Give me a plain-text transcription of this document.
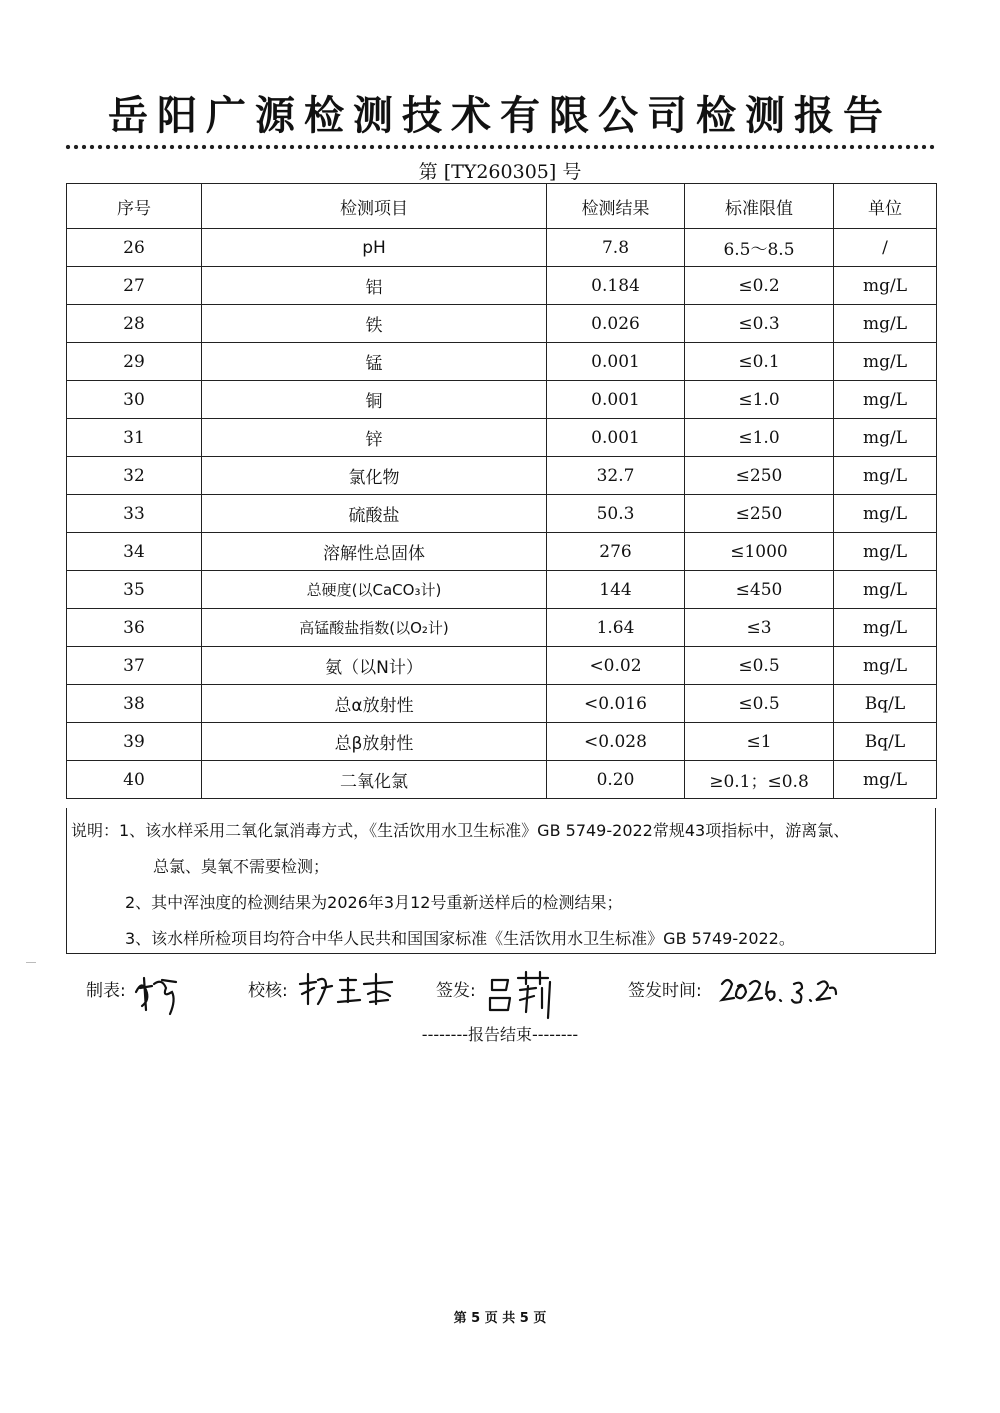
岳阳广源检测技术有限公司检测报告
第 [TY260305] 号
序号	检测项目	检测结果	标准限值	单位
26	pH	7.8	6.5～8.5	/
27	铝	0.184	≤0.2	mg/L
28	铁	0.026	≤0.3	mg/L
29	锰	0.001	≤0.1	mg/L
30	铜	0.001	≤1.0	mg/L
31	锌	0.001	≤1.0	mg/L
32	氯化物	32.7	≤250	mg/L
33	硫酸盐	50.3	≤250	mg/L
34	溶解性总固体	276	≤1000	mg/L
35	总硬度(以CaCO₃计)	144	≤450	mg/L
36	高锰酸盐指数(以O₂计)	1.64	≤3	mg/L
37	氨（以N计）	<0.02	≤0.5	mg/L
38	总α放射性	<0.016	≤0.5	Bq/L
39	总β放射性	<0.028	≤1	Bq/L
40	二氧化氯	0.20	≥0.1；≤0.8	mg/L
说明：1、该水样采用二氧化氯消毒方式，《生活饮用水卫生标准》GB 5749-2022常规43项指标中，游离氯、
总氯、臭氧不需要检测；
2、其中浑浊度的检测结果为2026年3月12号重新送样后的检测结果；
3、该水样所检项目均符合中华人民共和国国家标准《生活饮用水卫生标准》GB 5749-2022。
制表:	校核:	签发:	签发时间:
--------报告结束--------
第 5 页 共 5 页
